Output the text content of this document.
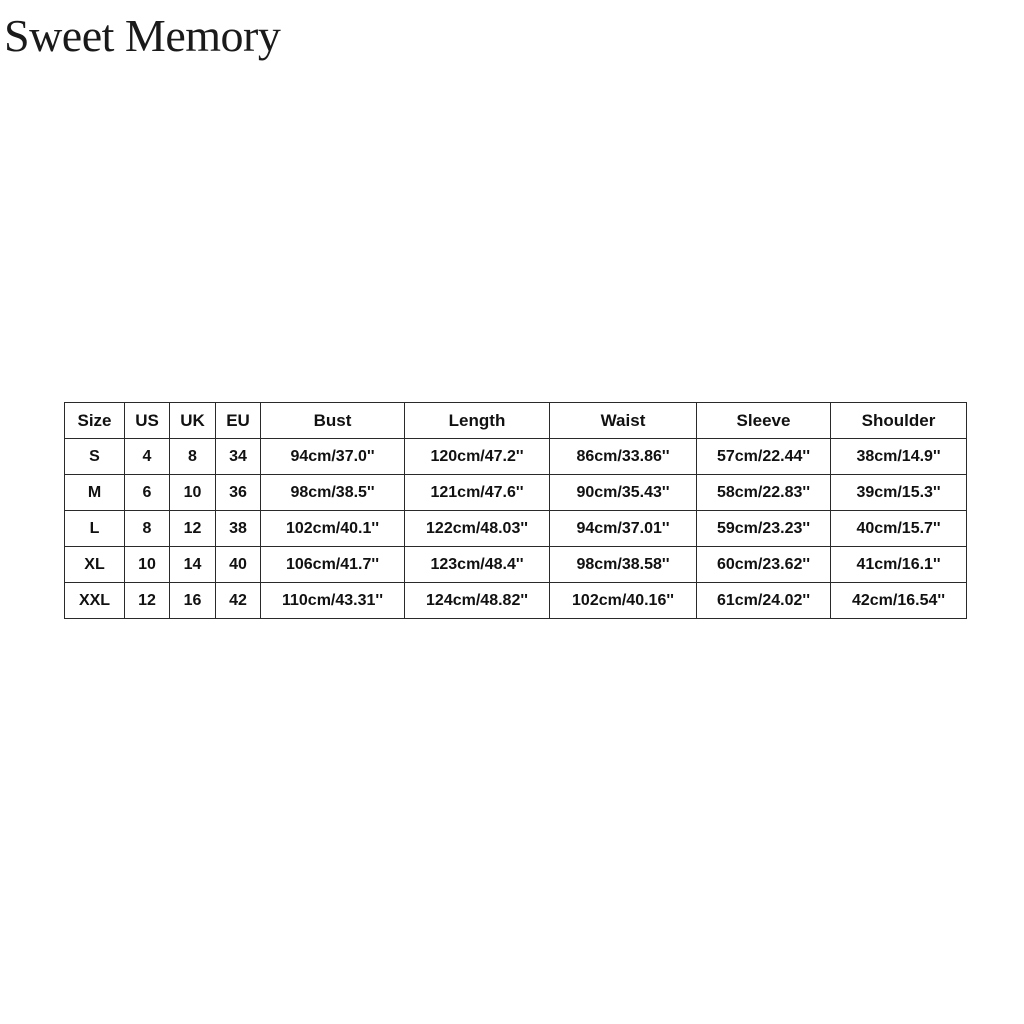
Sweet Memory
Size	US	UK	EU	Bust	Length	Waist	Sleeve	Shoulder
S	4	8	34	94cm/37.0''	120cm/47.2''	86cm/33.86''	57cm/22.44''	38cm/14.9''
M	6	10	36	98cm/38.5''	121cm/47.6''	90cm/35.43''	58cm/22.83''	39cm/15.3''
L	8	12	38	102cm/40.1''	122cm/48.03''	94cm/37.01''	59cm/23.23''	40cm/15.7''
XL	10	14	40	106cm/41.7''	123cm/48.4''	98cm/38.58''	60cm/23.62''	41cm/16.1''
XXL	12	16	42	110cm/43.31''	124cm/48.82''	102cm/40.16''	61cm/24.02''	42cm/16.54''
